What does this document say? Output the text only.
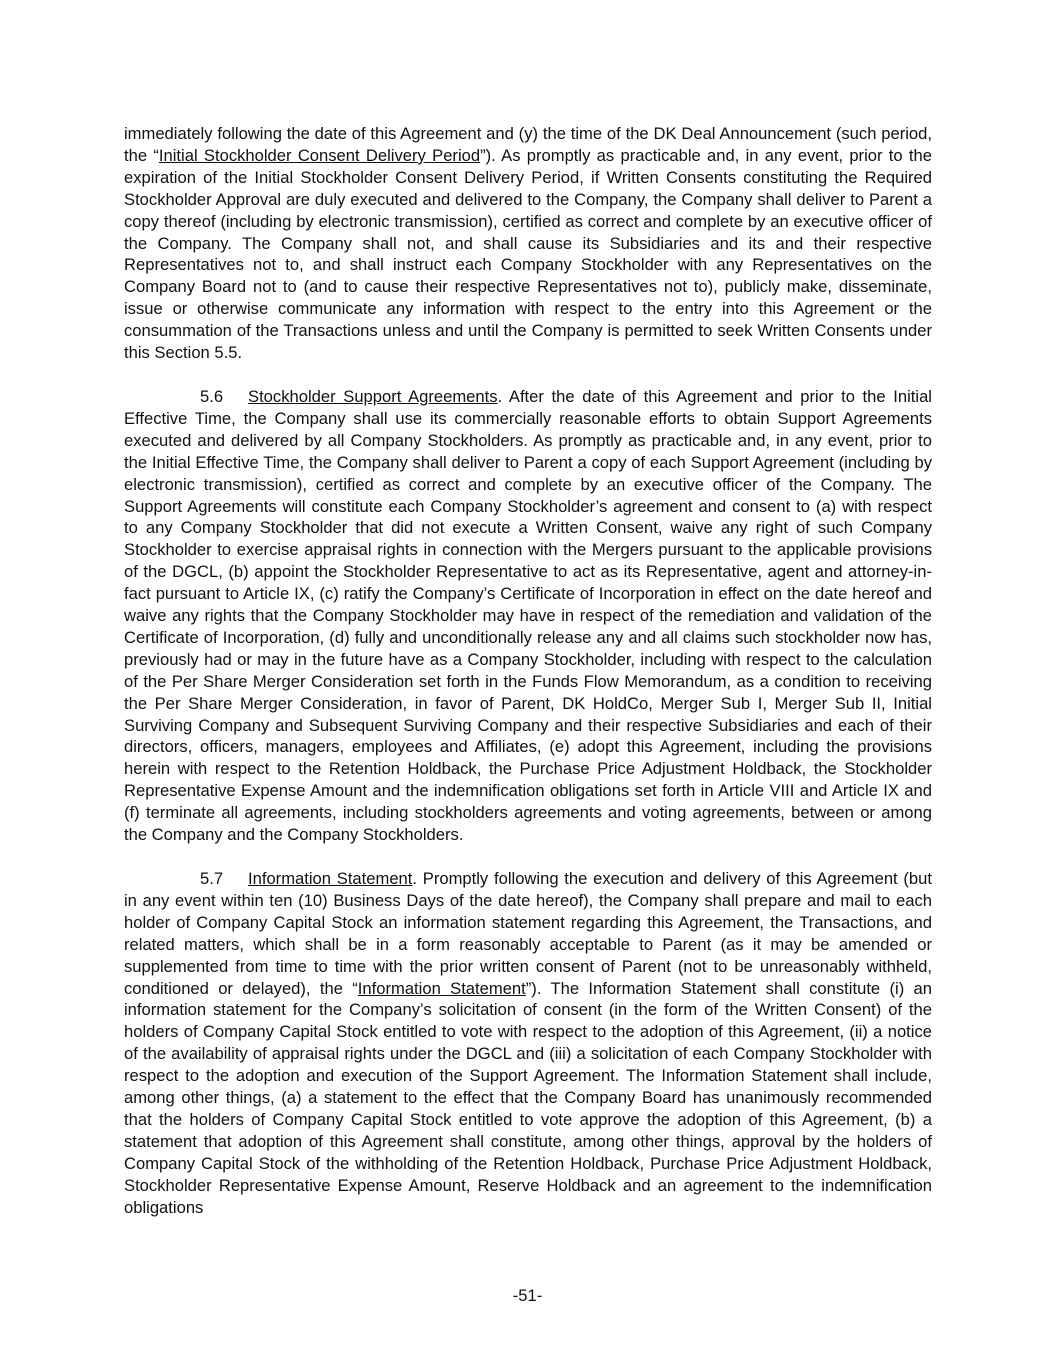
immediately following the date of this Agreement and (y) the time of the DK Deal Announcement (such period, the “Initial Stockholder Consent Delivery Period”). As promptly as practicable and, in any event, prior to the expiration of the Initial Stockholder Consent Delivery Period, if Written Consents constituting the Required Stockholder Approval are duly executed and delivered to the Company, the Company shall deliver to Parent a copy thereof (including by electronic transmission), certified as correct and complete by an executive officer of the Company. The Company shall not, and shall cause its Subsidiaries and its and their respective Representatives not to, and shall instruct each Company Stockholder with any Representatives on the Company Board not to (and to cause their respective Representatives not to), publicly make, disseminate, issue or otherwise communicate any information with respect to the entry into this Agreement or the consummation of the Transactions unless and until the Company is permitted to seek Written Consents under this Section 5.5.

5.6 Stockholder Support Agreements. After the date of this Agreement and prior to the Initial Effective Time, the Company shall use its commercially reasonable efforts to obtain Support Agreements executed and delivered by all Company Stockholders. As promptly as practicable and, in any event, prior to the Initial Effective Time, the Company shall deliver to Parent a copy of each Support Agreement (including by electronic transmission), certified as correct and complete by an executive officer of the Company. The Support Agreements will constitute each Company Stockholder’s agreement and consent to (a) with respect to any Company Stockholder that did not execute a Written Consent, waive any right of such Company Stockholder to exercise appraisal rights in connection with the Mergers pursuant to the applicable provisions of the DGCL, (b) appoint the Stockholder Representative to act as its Representative, agent and attorney-in-fact pursuant to Article IX, (c) ratify the Company’s Certificate of Incorporation in effect on the date hereof and waive any rights that the Company Stockholder may have in respect of the remediation and validation of the Certificate of Incorporation, (d) fully and unconditionally release any and all claims such stockholder now has, previously had or may in the future have as a Company Stockholder, including with respect to the calculation of the Per Share Merger Consideration set forth in the Funds Flow Memorandum, as a condition to receiving the Per Share Merger Consideration, in favor of Parent, DK HoldCo, Merger Sub I, Merger Sub II, Initial Surviving Company and Subsequent Surviving Company and their respective Subsidiaries and each of their directors, officers, managers, employees and Affiliates, (e) adopt this Agreement, including the provisions herein with respect to the Retention Holdback, the Purchase Price Adjustment Holdback, the Stockholder Representative Expense Amount and the indemnification obligations set forth in Article VIII and Article IX and (f) terminate all agreements, including stockholders agreements and voting agreements, between or among the Company and the Company Stockholders.

5.7 Information Statement. Promptly following the execution and delivery of this Agreement (but in any event within ten (10) Business Days of the date hereof), the Company shall prepare and mail to each holder of Company Capital Stock an information statement regarding this Agreement, the Transactions, and related matters, which shall be in a form reasonably acceptable to Parent (as it may be amended or supplemented from time to time with the prior written consent of Parent (not to be unreasonably withheld, conditioned or delayed), the “Information Statement”). The Information Statement shall constitute (i) an information statement for the Company’s solicitation of consent (in the form of the Written Consent) of the holders of Company Capital Stock entitled to vote with respect to the adoption of this Agreement, (ii) a notice of the availability of appraisal rights under the DGCL and (iii) a solicitation of each Company Stockholder with respect to the adoption and execution of the Support Agreement. The Information Statement shall include, among other things, (a) a statement to the effect that the Company Board has unanimously recommended that the holders of Company Capital Stock entitled to vote approve the adoption of this Agreement, (b) a statement that adoption of this Agreement shall constitute, among other things, approval by the holders of Company Capital Stock of the withholding of the Retention Holdback, Purchase Price Adjustment Holdback, Stockholder Representative Expense Amount, Reserve Holdback and an agreement to the indemnification obligations

-51-
